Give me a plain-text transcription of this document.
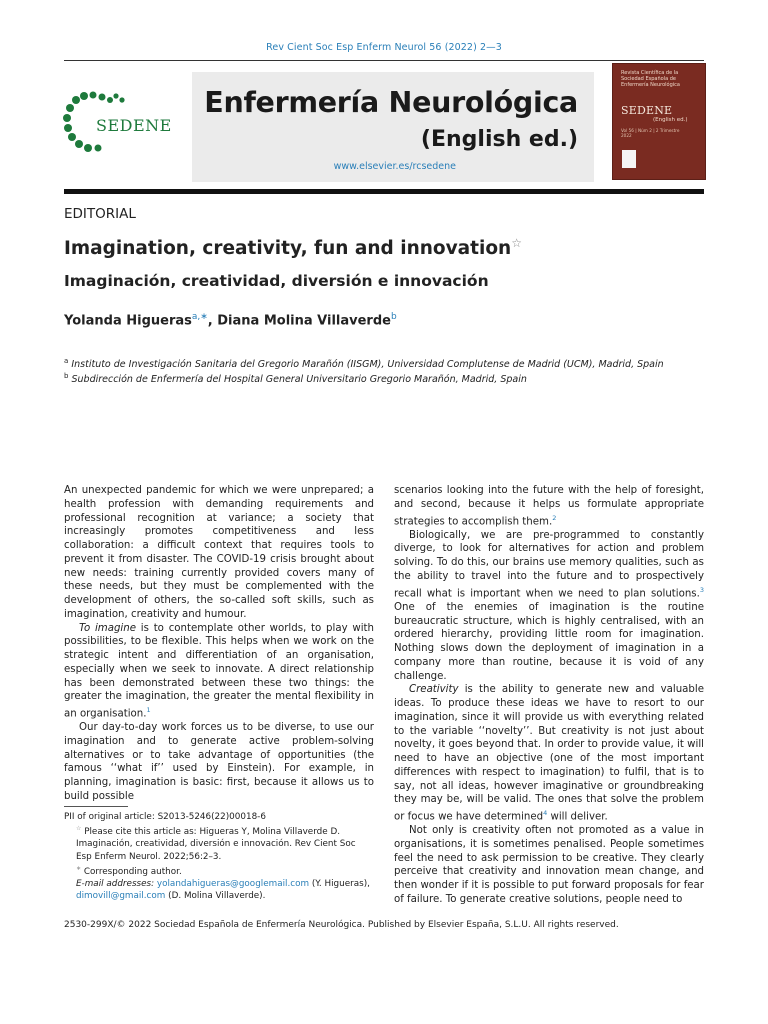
Rev Cient Soc Esp Enferm Neurol 56 (2022) 2—3
SEDENE
Enfermería Neurológica
(English ed.)
www.elsevier.es/rcsedene
Revista Científica de la Sociedad Española de Enfermería Neurológica
SEDENE
(English ed.)
Vol 56 | Núm 2 | 2 Trimestre 2022
EDITORIAL
Imagination, creativity, fun and innovation☆
Imaginación, creatividad, diversión e innovación
Yolanda Higueras$^{a,∗}$, Diana Molina Villaverde$^b$
$^a$ Instituto de Investigación Sanitaria del Gregorio Marañón (IISGM), Universidad Complutense de Madrid (UCM), Madrid, Spain
$^b$ Subdirección de Enfermería del Hospital General Universitario Gregorio Marañón, Madrid, Spain

An unexpected pandemic for which we were unprepared; a health profession with demanding requirements and professional recognition at variance; a society that increasingly promotes competitiveness and less collaboration: a difficult context that requires tools to prevent it from disaster. The COVID-19 crisis brought about new needs: training currently provided covers many of these needs, but they must be complemented with the development of others, the so-called soft skills, such as imagination, creativity and humour.

To imagine is to contemplate other worlds, to play with possibilities, to be flexible. This helps when we work on the strategic intent and differentiation of an organisation, especially when we seek to innovate. A direct relationship has been demonstrated between these two things: the greater the imagination, the greater the mental flexibility in an organisation.$^1$

Our day-to-day work forces us to be diverse, to use our imagination and to generate active problem-solving alternatives or to take advantage of opportunities (the famous ‘‘what if’’ used by Einstein). For example, in planning, imagination is basic: first, because it allows us to build possible

scenarios looking into the future with the help of foresight, and second, because it helps us formulate appropriate strategies to accomplish them.$^2$

Biologically, we are pre-programmed to constantly diverge, to look for alternatives for action and problem solving. To do this, our brains use memory qualities, such as the ability to travel into the future and to prospectively recall what is important when we need to plan solutions.$^3$ One of the enemies of imagination is the routine bureaucratic structure, which is highly centralised, with an ordered hierarchy, providing little room for imagination. Nothing slows down the deployment of imagination in a company more than routine, because it is void of any challenge.

Creativity is the ability to generate new and valuable ideas. To produce these ideas we have to resort to our imagination, since it will provide us with everything related to the variable ‘‘novelty’’. But creativity is not just about novelty, it goes beyond that. In order to provide value, it will need to have an objective (one of the most important differences with respect to imagination) to fulfil, that is to say, not all ideas, however imaginative or groundbreaking they may be, will be valid. The ones that solve the problem or focus we have determined$^4$ will deliver.

Not only is creativity often not promoted as a value in organisations, it is sometimes penalised. People sometimes feel the need to ask permission to be creative. They clearly perceive that creativity and innovation mean change, and then wonder if it is possible to put forward proposals for fear of failure. To generate creative solutions, people need to

PII of original article: S2013-5246(22)00018-6
☆ Please cite this article as: Higueras Y, Molina Villaverde D. Imaginación, creatividad, diversión e innovación. Rev Cient Soc Esp Enferm Neurol. 2022;56:2–3.
∗ Corresponding author.
E-mail addresses: yolandahigueras@googlemail.com (Y. Higueras), dimovill@gmail.com (D. Molina Villaverde).
2530-299X/© 2022 Sociedad Española de Enfermería Neurológica. Published by Elsevier España, S.L.U. All rights reserved.
